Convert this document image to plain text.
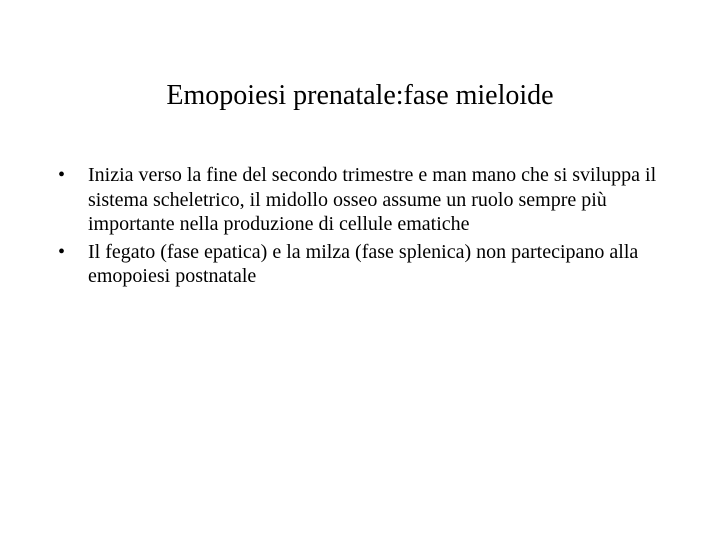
Emopoiesi prenatale:fase mieloide
•	Inizia verso la fine del secondo trimestre e man mano che si sviluppa il sistema scheletrico, il midollo osseo assume un ruolo sempre più importante nella produzione di cellule ematiche
•	Il fegato (fase epatica) e la milza (fase splenica) non partecipano alla emopoiesi postnatale
